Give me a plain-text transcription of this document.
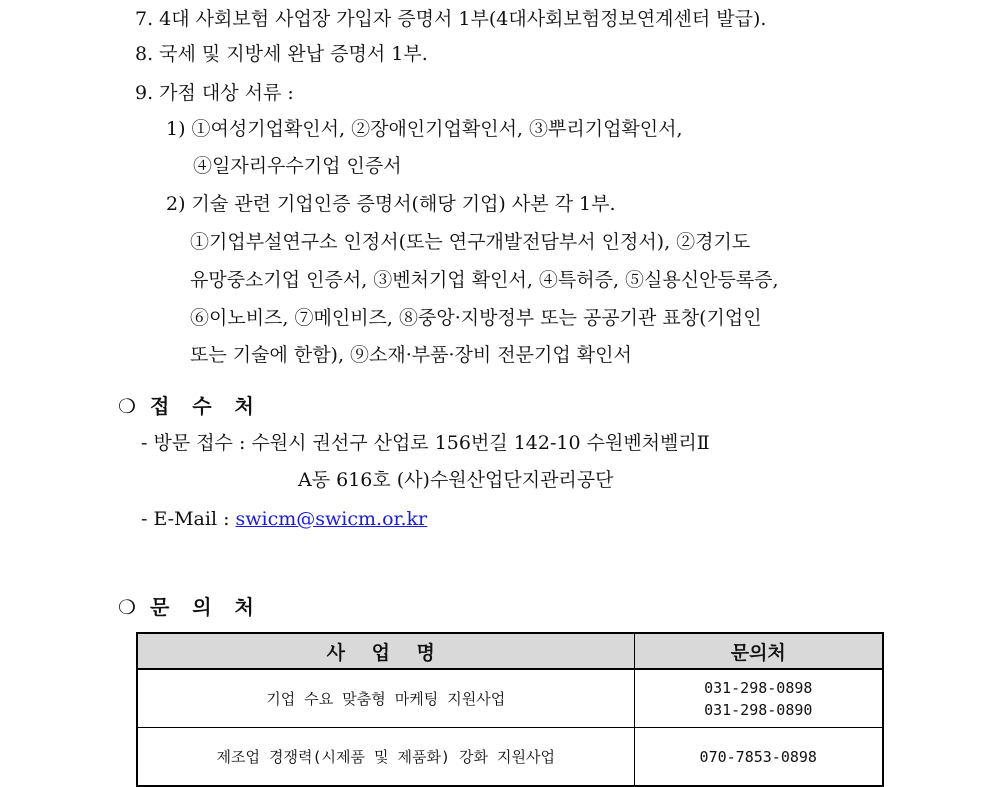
7. 4대 사회보험 사업장 가입자 증명서 1부(4대사회보험정보연계센터 발급).
8. 국세 및 지방세 완납 증명서 1부.
9. 가점 대상 서류 :
1) ①여성기업확인서, ②장애인기업확인서, ③뿌리기업확인서,
④일자리우수기업 인증서
2) 기술 관련 기업인증 증명서(해당 기업) 사본 각 1부.
①기업부설연구소 인정서(또는 연구개발전담부서 인정서), ②경기도
유망중소기업 인증서, ③벤처기업 확인서, ④특허증, ⑤실용신안등록증,
⑥이노비즈, ⑦메인비즈, ⑧중앙·지방정부 또는 공공기관 표창(기업인
또는 기술에 한함), ⑨소재·부품·장비 전문기업 확인서
❍ 접 수 처
- 방문 접수 : 수원시 권선구 산업로 156번길 142-10 수원벤처벨리Ⅱ
A동 616호 (사)수원산업단지관리공단
- E-Mail : swicm@swicm.or.kr
❍ 문 의 처
사 업 명	문의처
기업 수요 맞춤형 마케팅 지원사업	031-298-0898
031-298-0890

제조업 경쟁력(시제품 및 제품화) 강화 지원사업	070-7853-0898
